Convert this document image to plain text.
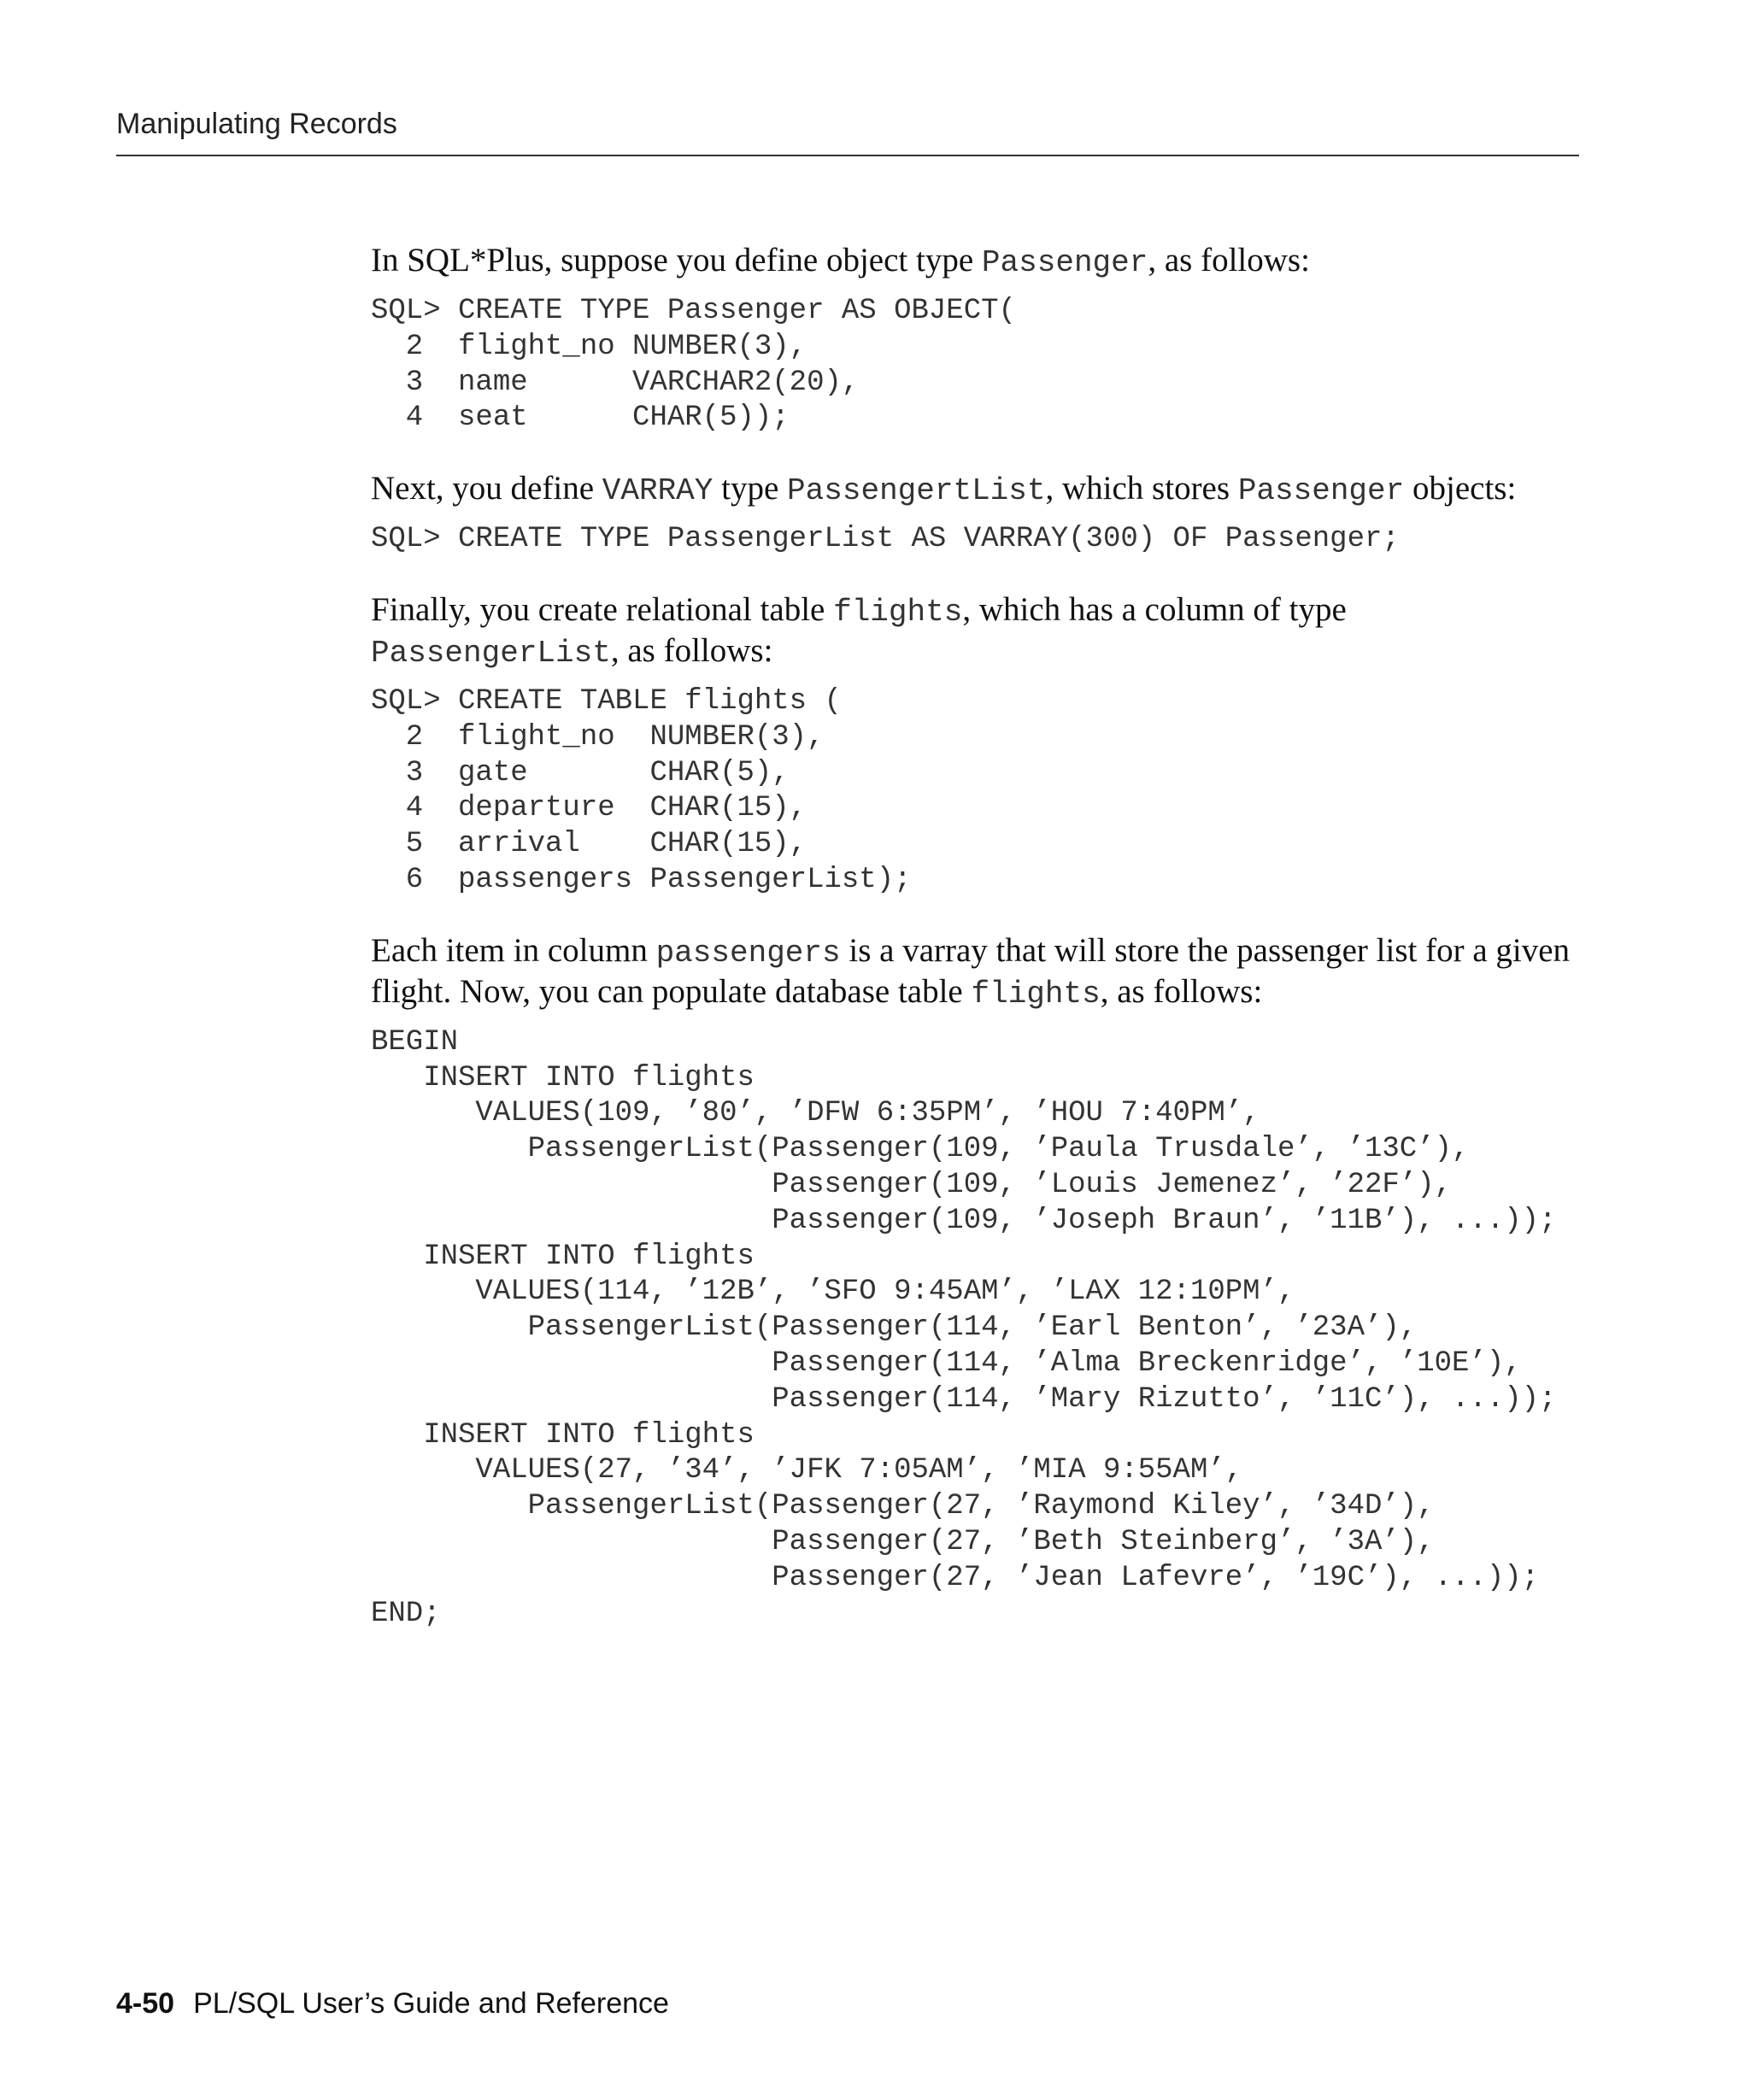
Manipulating Records

In SQL*Plus, suppose you define object type Passenger, as follows:

SQL> CREATE TYPE Passenger AS OBJECT(
2  flight_no NUMBER(3),
3  name      VARCHAR2(20),
4  seat      CHAR(5));

Next, you define VARRAY type PassengertList, which stores Passenger objects:

SQL> CREATE TYPE PassengerList AS VARRAY(300) OF Passenger;

Finally, you create relational table flights, which has a column of type PassengerList, as follows:

SQL> CREATE TABLE flights (
2  flight_no  NUMBER(3),
3  gate       CHAR(5),
4  departure  CHAR(15),
5  arrival    CHAR(15),
6  passengers PassengerList);

Each item in column passengers is a varray that will store the passenger list for a given flight. Now, you can populate database table flights, as follows:

BEGIN
INSERT INTO flights
VALUES(109, ’80’, ’DFW 6:35PM’, ’HOU 7:40PM’,
PassengerList(Passenger(109, ’Paula Trusdale’, ’13C’),
Passenger(109, ’Louis Jemenez’, ’22F’),
Passenger(109, ’Joseph Braun’, ’11B’), ...));
INSERT INTO flights
VALUES(114, ’12B’, ’SFO 9:45AM’, ’LAX 12:10PM’,
PassengerList(Passenger(114, ’Earl Benton’, ’23A’),
Passenger(114, ’Alma Breckenridge’, ’10E’),
Passenger(114, ’Mary Rizutto’, ’11C’), ...));
INSERT INTO flights
VALUES(27, ’34’, ’JFK 7:05AM’, ’MIA 9:55AM’,
PassengerList(Passenger(27, ’Raymond Kiley’, ’34D’),
Passenger(27, ’Beth Steinberg’, ’3A’),
Passenger(27, ’Jean Lafevre’, ’19C’), ...));
END;
4-50 PL/SQL User’s Guide and Reference
